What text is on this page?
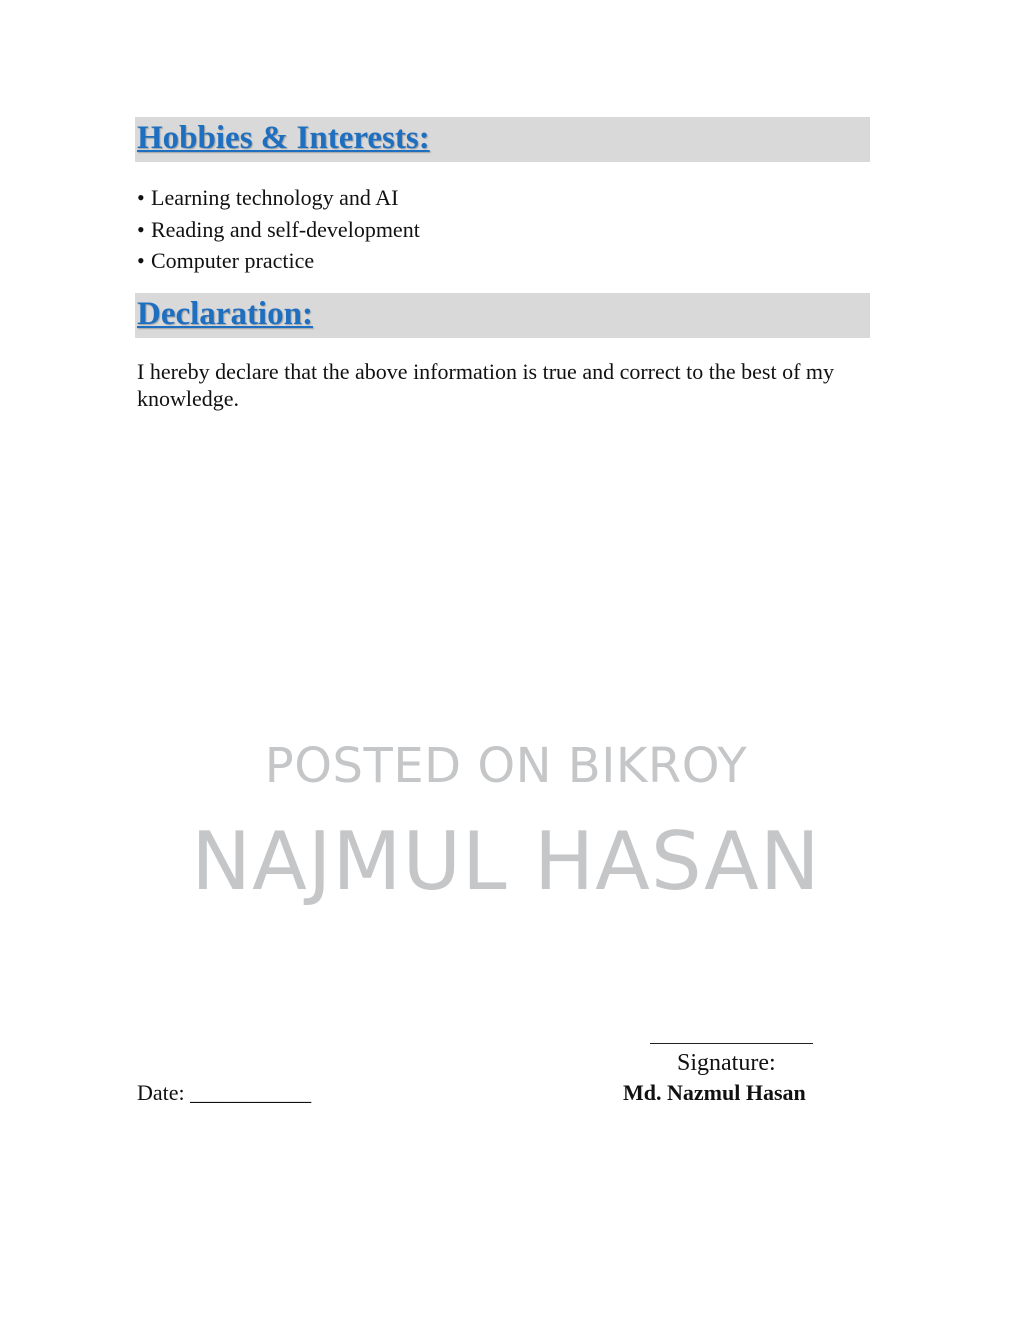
Hobbies & Interests:
• Learning technology and AI
• Reading and self-development
• Computer practice
Declaration:

I hereby declare that the above information is true and correct to the best of my knowledge.

POSTED ON BIKROY
NAJMUL HASAN
Signature:
Date: ___________	Md. Nazmul Hasan
